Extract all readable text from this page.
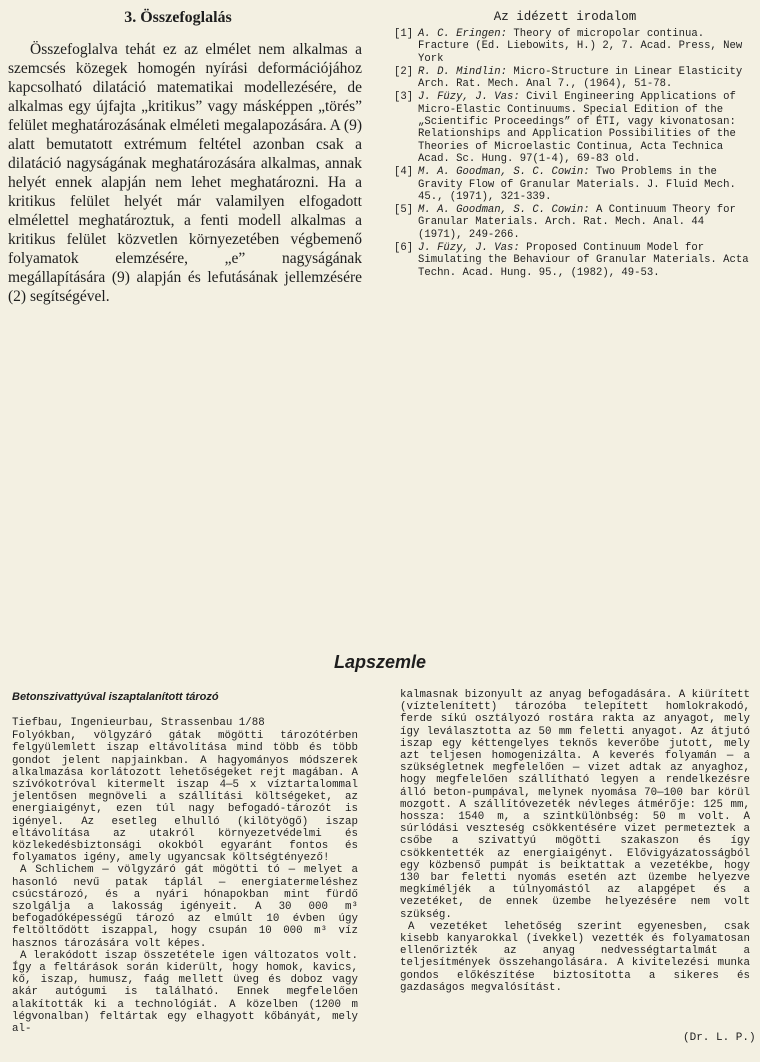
3. Összefoglalás

Összefoglalva tehát ez az elmélet nem alkalmas a szemcsés közegek homogén nyírási deformációjához kapcsolható dilatáció matematikai modellezésére, de alkalmas egy újfajta „kritikus” vagy másképpen „törés” felület meghatározásának elméleti megalapozására. A (9) alatt bemutatott extrémum feltétel azonban csak a dilatáció nagyságának meghatározására alkalmas, annak helyét ennek alapján nem lehet meghatározni. Ha a kritikus felület helyét már valamilyen elfogadott elmélettel meghatároztuk, a fenti modell alkalmas a kritikus felület közvetlen környezetében végbemenő folyamatok elemzésére, „e” nagyságának megállapítására (9) alapján és lefutásának jellemzésére (2) segítségével.

Az idézett irodalom
[1] A. C. Eringen: Theory of micropolar continua. Fracture (Ed. Liebowits, H.) 2, 7. Acad. Press, New York
[2] R. D. Mindlin: Micro-Structure in Linear Elasticity Arch. Rat. Mech. Anal 7., (1964), 51-78.
[3] J. Füzy, J. Vas: Civil Engineering Applications of Micro-Elastic Continuums. Special Edition of the „Scientific Proceedings” of ÉTI, vagy kivonatosan: Relationships and Application Possibilities of the Theories of Microelastic Continua, Acta Technica Acad. Sc. Hung. 97(1-4), 69-83 old.
[4] M. A. Goodman, S. C. Cowin: Two Problems in the Gravity Flow of Granular Materials. J. Fluid Mech. 45., (1971), 321-339.
[5] M. A. Goodman, S. C. Cowin: A Continuum Theory for Granular Materials. Arch. Rat. Mech. Anal. 44 (1971), 249-266.
[6] J. Füzy, J. Vas: Proposed Continuum Model for Simulating the Behaviour of Granular Materials. Acta Techn. Acad. Hung. 95., (1982), 49-53.
Lapszemle
Betonszivattyúval iszaptalanított tározó

Tiefbau, Ingenieurbau, Strassenbau 1/88

Folyókban, völgyzáró gátak mögötti tározótérben felgyülemlett iszap eltávolítása mind több és több gondot jelent napjainkban. A hagyományos módszerek alkalmazása korlátozott lehetőségeket rejt magában. A szívókotróval kitermelt iszap 4—5 x víztartalommal jelentősen megnöveli a szállítási költségeket, az energiaigényt, ezen túl nagy befogadó-tározót is igényel. Az esetleg elhulló (kilötyögő) iszap eltávolítása az utakról környezetvédelmi és közlekedésbiztonsági okokból egyaránt fontos és folyamatos igény, amely ugyancsak költségtényező!

A Schlichem — völgyzáró gát mögötti tó — melyet a hasonló nevű patak táplál — energiatermeléshez csúcstározó, és a nyári hónapokban mint fürdő szolgálja a lakosság igényeit. A 30 000 m³ befogadóképességű tározó az elmúlt 10 évben úgy feltöltődött iszappal, hogy csupán 10 000 m³ víz hasznos tározására volt képes.

A lerakódott iszap összetétele igen változatos volt. Így a feltárások során kiderült, hogy homok, kavics, kő, iszap, humusz, faág mellett üveg és doboz vagy akár autógumi is található. Ennek megfelelően alakították ki a technológiát. A közelben (1200 m légvonalban) feltártak egy elhagyott kőbányát, mely al-

kalmasnak bizonyult az anyag befogadására. A kiürített (víztelenített) tározóba telepített homlokrakodó, ferde síkú osztályozó rostára rakta az anyagot, mely így leválasztotta az 50 mm feletti anyagot. Az átjutó iszap egy kéttengelyes teknős keverőbe jutott, mely azt teljesen homogenizálta. A keverés folyamán — a szükségletnek megfelelően — vizet adtak az anyaghoz, hogy megfelelően szállítható legyen a rendelkezésre álló beton-pumpával, melynek nyomása 70—100 bar körül mozgott. A szállítóvezeték névleges átmérője: 125 mm, hossza: 1540 m, a szintkülönbség: 50 m volt. A súrlódási veszteség csökkentésére vizet permeteztek a csőbe a szivattyú mögötti szakaszon és így csökkentették az energiaigényt. Elővigyázatosságból egy közbenső pumpát is beiktattak a vezetékbe, hogy 130 bar feletti nyomás esetén azt üzembe helyezve megkíméljék a túlnyomástól az alapgépet és a vezetéket, de ennek üzembe helyezésére nem volt szükség.

A vezetéket lehetőség szerint egyenesben, csak kisebb kanyarokkal (ívekkel) vezették és folyamatosan ellenőrizték az anyag nedvességtartalmát a teljesítmények összehangolására. A kivitelezési munka gondos előkészítése biztosította a sikeres és gazdaságos megvalósítást.

(Dr. L. P.)
